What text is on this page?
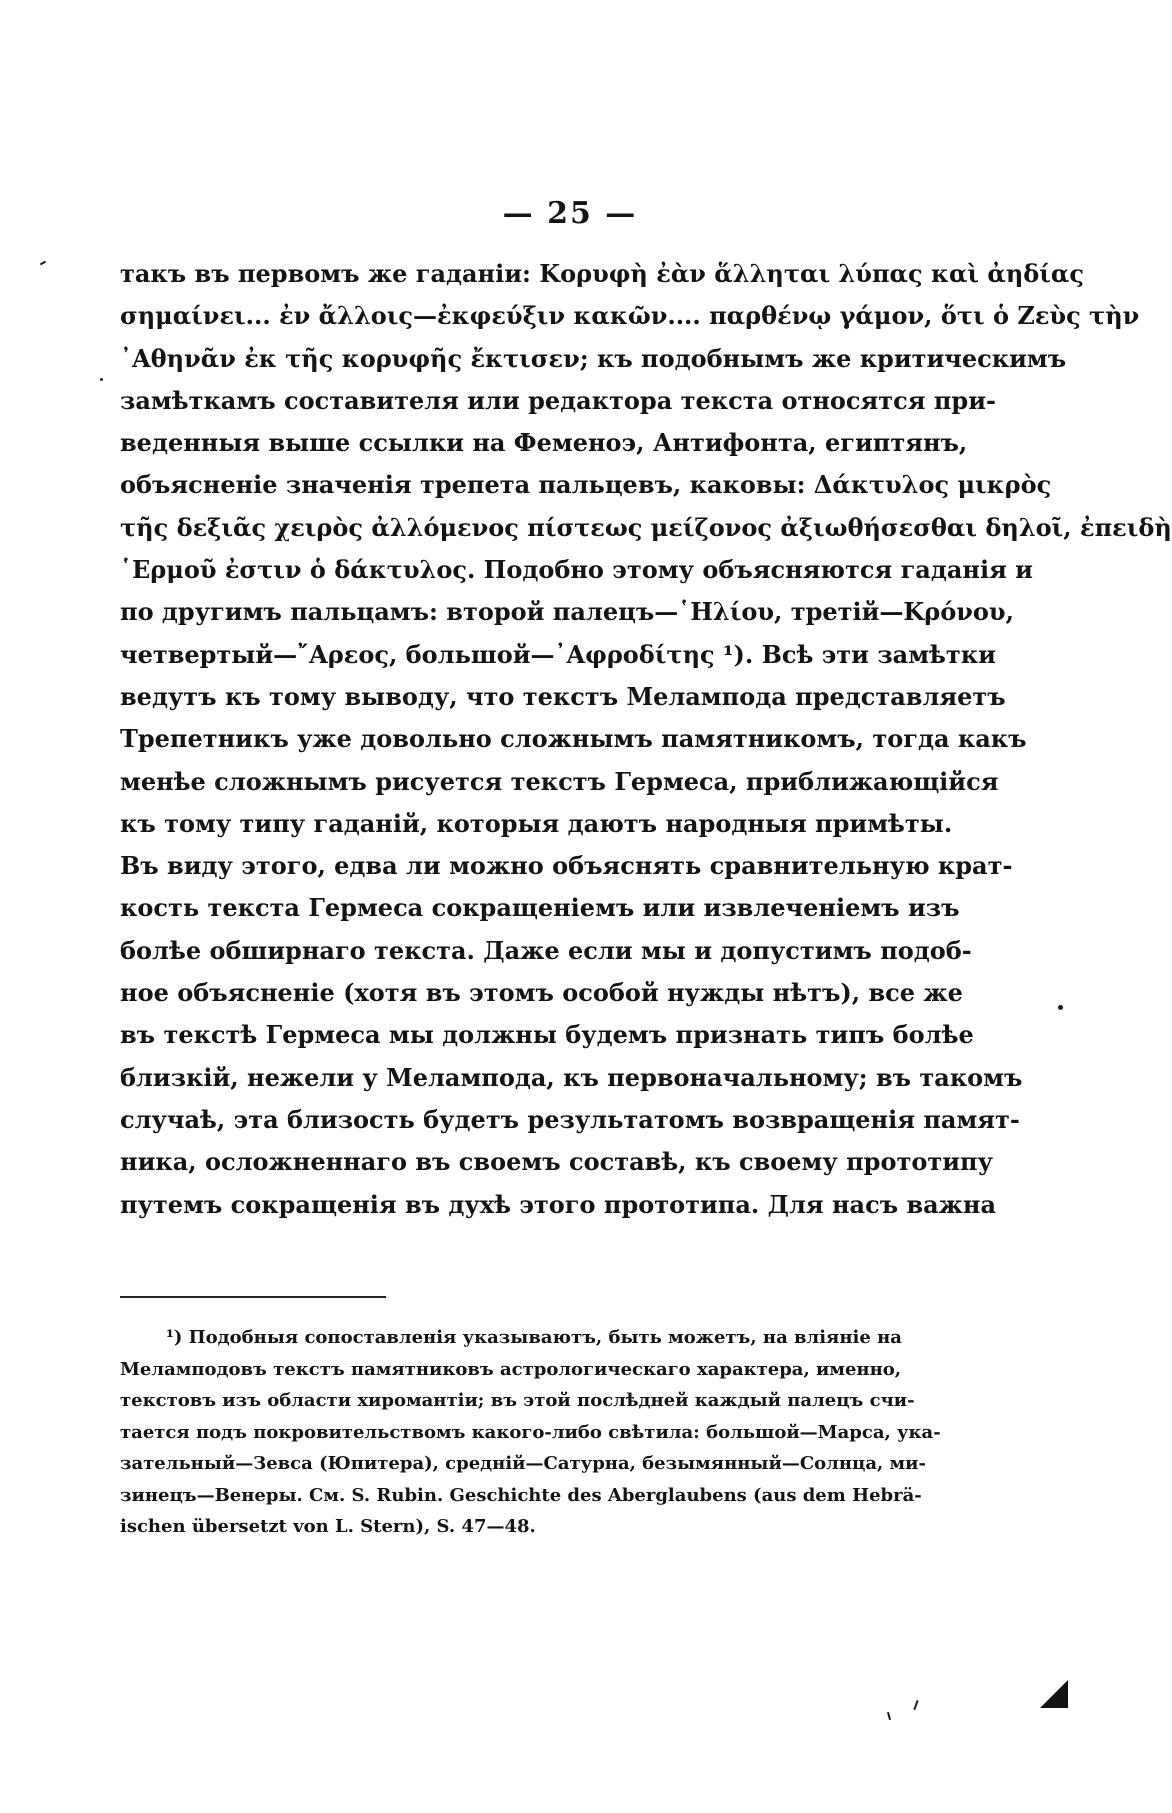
— 25 —
такъ въ первомъ же гаданіи: Κορυφὴ ἐὰν ἅλληται λύπας καὶ ἀηδίας
σημαίνει... ἐν ἄλλοις—ἐκφεύξιν κακῶν.... παρθένῳ γάμον, ὅτι ὁ Ζεὺς τὴν
᾿Αθηνᾶν ἐκ τῆς κορυφῆς ἔκτισεν; къ подобнымъ же критическимъ
замѣткамъ составителя или редактора текста относятся при-
веденныя выше ссылки на Феменоэ, Антифонта, египтянъ,
объясненіе значенія трепета пальцевъ, каковы: Δάκτυλος μικρὸς
τῆς δεξιᾶς χειρὸς ἀλλόμενος πίστεως μείζονος ἀξιωθήσεσθαι δηλοῖ, ἐπειδὴ
῾Ερμοῦ ἐστιν ὁ δάκτυλος. Подобно этому объясняются гаданія и
по другимъ пальцамъ: второй палецъ—῾Ηλίου, третій—Κρόνου,
четвертый—῎Αρεος, большой—᾿Αφροδίτης ¹). Всѣ эти замѣтки
ведутъ къ тому выводу, что текстъ Мелампода представляетъ
Трепетникъ уже довольно сложнымъ памятникомъ, тогда какъ
менѣе сложнымъ рисуется текстъ Гермеса, приближающійся
къ тому типу гаданій, которыя даютъ народныя примѣты.
Въ виду этого, едва ли можно объяснять сравнительную крат-
кость текста Гермеса сокращеніемъ или извлеченіемъ изъ
болѣе обширнаго текста. Даже если мы и допустимъ подоб-
ное объясненіе (хотя въ этомъ особой нужды нѣтъ), все же
въ текстѣ Гермеса мы должны будемъ признать типъ болѣе
близкій, нежели у Мелампода, къ первоначальному; въ такомъ
случаѣ, эта близость будетъ результатомъ возвращенія памят-
ника, осложненнаго въ своемъ составѣ, къ своему прототипу
путемъ сокращенія въ духѣ этого прототипа. Для насъ важна
¹) Подобныя сопоставленія указываютъ, быть можетъ, на вліяніе на
Меламподовъ текстъ памятниковъ астрологическаго характера, именно,
текстовъ изъ области хиромантіи; въ этой послѣдней каждый палецъ счи-
тается подъ покровительствомъ какого-либо свѣтила: большой—Марса, ука-
зательный—Зевса (Юпитера), средній—Сатурна, безымянный—Солнца, ми-
зинецъ—Венеры. См. S. Rubin. Geschichte des Aberglaubens (aus dem Hebrä-
ischen übersetzt von L. Stern), S. 47—48.
